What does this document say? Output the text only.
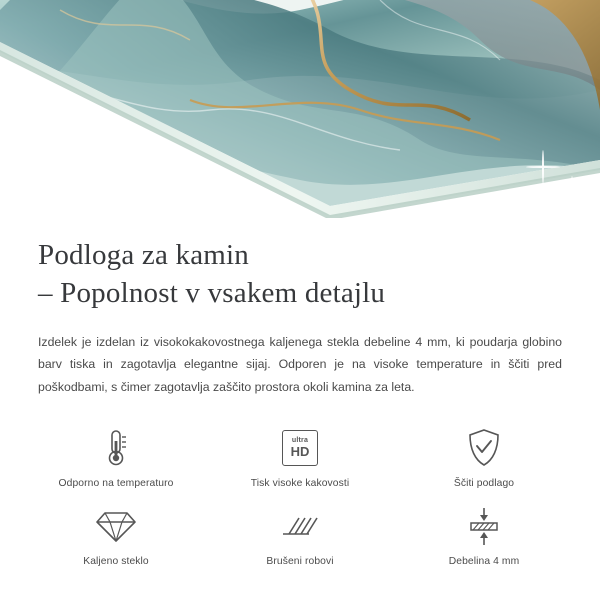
Podloga za kamin
– Popolnost v vsakem detajlu

Izdelek je izdelan iz visokokakovostnega kaljenega stekla debeline 4 mm, ki poudarja globino barv tiska in zagotavlja elegantne sijaj. Odporen je na visoke temperature in ščiti pred poškodbami, s čimer zagotavlja zaščito prostora okoli kamina za leta.

Odporno na temperaturo
ultra
HD
Tisk visoke kakovosti	Ščiti podlago
Kaljeno steklo	Brušeni robovi	Debelina 4 mm
